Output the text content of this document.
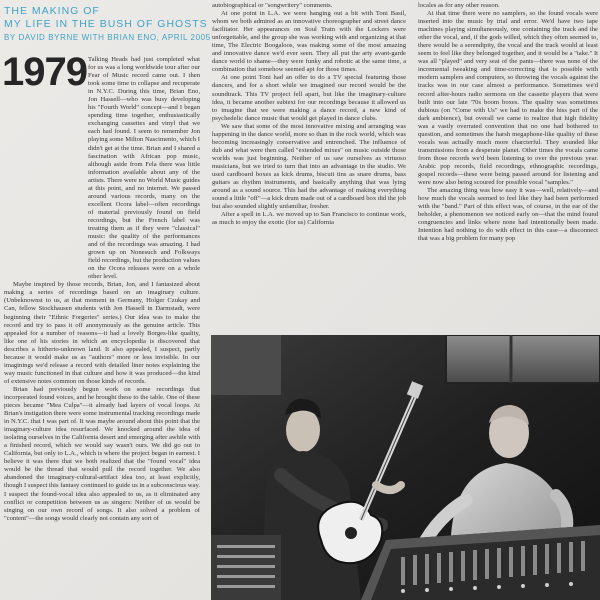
THE MAKING OF
MY LIFE IN THE BUSH OF GHOSTS
BY DAVID BYRNE WITH BRIAN ENO, APRIL 2005

Talking Heads had just completed what for us was a long worldwide tour after our Fear of Music record came out. I then took some time to collapse and recuperate in N.Y.C. During this time, Brian Eno, Jon Hassell—who was busy developing his "Fourth World" concept—and I began spending time together, enthusiastically exchanging cassettes and vinyl that we each had found. I seem to remember Jon playing some Milton Nascimento, which I didn't get at the time. Brian and I shared a fascination with African pop music, although aside from Fela there was little information available about any of the artists. There were no World Music guides at this point, and no internet. We passed around various records, many on the excellent Ocora label—often recordings of material previously found on field recordings, but the French label was treating them as if they were "classical" music: the quality of the performances and of the recordings was amazing. I had grown up on Nonesuch and Folkways field recordings, but the production values on the Ocora releases were on a whole other level.

Maybe inspired by those records, Brian, Jon, and I fantasized about making a series of recordings based on an imaginary culture. (Unbeknownst to us, at that moment in Germany, Holger Czukay and Can, fellow Stockhausen students with Jon Hassell in Darmstadt, were beginning their "Ethnic Forgeries" series.) Our idea was to make the record and try to pass it off anonymously as the genuine article. This appealed for a number of reasons—it had a lovely Borges-like quality, like one of his stories in which an encyclopedia is discovered that describes a hitherto-unknown land. It also appealed, I suspect, partly because it would make us as "authors" more or less invisible. In our imaginings we'd release a record with detailed liner notes explaining the way music functioned in that culture and how it was produced—the kind of extensive notes common on those kinds of records.

Brian had previously begun work on some recordings that incorporated found voices, and he brought these to the table. One of these pieces became "Mea Culpa"—it already had layers of vocal loops. At Brian's instigation there were some instrumental tracking recordings made in N.Y.C. that I was part of. It was maybe around about this point that the imaginary-culture idea resurfaced. We knocked around the idea of isolating ourselves in the California desert and emerging after awhile with a finished record, which we would say wasn't ours. We did go out to California, but only to L.A., which is where the project began in earnest. I believe it was there that we both realized that the "found vocal" idea would be the thread that would pull the record together. We also abandoned the imaginary-cultural-artifact idea too, at least explicitly, though I suspect this fantasy continued to guide us in a subconscious way. I suspect the found-vocal idea also appealed to us, as it eliminated any conflict or competition between us as singers: Neither of us would be singing on our own record of songs. It also solved a problem of "content"—the songs would clearly not contain any sort of

1979

autobiographical or "songwritery" comments.

At one point in L.A. we were hanging out a bit with Toni Basil, whom we both admired as an innovative choreographer and street dance facilitator. Her appearances on Soul Train with the Lockers were unforgettable, and the group she was working with and organizing at that time, The Electric Boogaloos, was making some of the most amazing and innovative dance we'd ever seen. They all put the arty avant-garde dance world to shame—they were funky and robotic at the same time, a combination that somehow seemed apt for those times.

At one point Toni had an offer to do a TV special featuring those dancers, and for a short while we imagined our record would be the soundtrack. This TV project fell apart, but like the imaginary-culture idea, it became another subtext for our recordings because it allowed us to imagine that we were making a dance record, a new kind of psychedelic dance music that would get played in dance clubs.

We saw that some of the most innovative mixing and arranging was happening in the dance world, more so than in the rock world, which was becoming increasingly conservative and entrenched. The influence of dub and what were then called "extended mixes" on music outside those worlds was just beginning. Neither of us saw ourselves as virtuoso musicians, but we tried to turn that into an advantage in the studio. We used cardboard boxes as kick drums, biscuit tins as snare drums, bass guitars as rhythm instruments, and basically anything that was lying around as a sound source. This had the advantage of making everything sound a little "off"—a kick drum made out of a cardboard box did the job but also sounded slightly unfamiliar, fresher.

After a spell in L.A. we moved up to San Francisco to continue work, as much to enjoy the exotic (for us) California

locales as for any other reason.

At that time there were no samplers, so the found vocals were inserted into the music by trial and error. We'd have two tape machines playing simultaneously, one containing the track and the other the vocal, and, if the gods willed, which they often seemed to, there would be a serendipity, the vocal and the track would at least seem to feel like they belonged together, and it would be a "take." It was all "played" and very seat of the pants—there was none of the incremental tweaking and time-correcting that is possible with modern samplers and computers, so throwing the vocals against the tracks was in our case almost a performance. Sometimes we'd record after-hours radio sermons on the cassette players that were built into our late '70s boom boxes. The quality was sometimes dubious (on "Come with Us" we had to make the hiss part of the dark ambience), but overall we came to realize that high fidelity was a vastly overrated convention that no one had bothered to question, and sometimes the harsh megaphone-like quality of these vocals was actually much more charcterful. They sounded like transmissions from a desperate planet. Other times the vocals came from those records we'd been listening to over the previous year. Arabic pop records, field recordings, ethnographic recordings, gospel records—these were being passed around for listening and were now also being scoured for possible vocal "samples."

The amazing thing was how easy it was—well, relatively—and how much the vocals seemed to feel like they had been performed with the "band." Part of this effect was, of course, in the ear of the beholder, a phenomenon we noticed early on—that the mind found congruencies and links where none had intentionally been made. Intention had nothing to do with effect in this case—a disconnect that was a big problem for many pop
